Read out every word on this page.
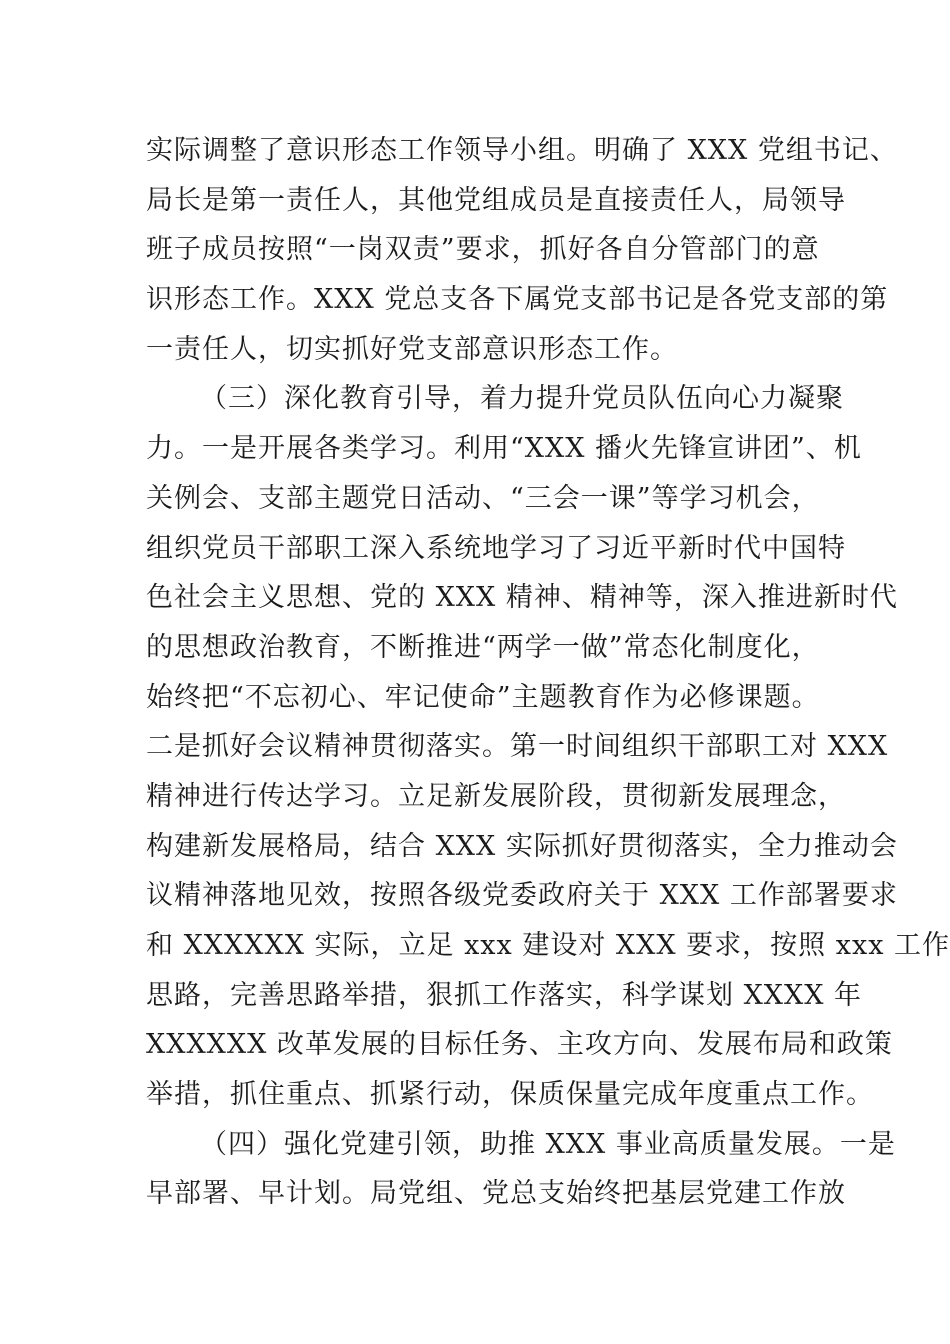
实际调整了意识形态工作领导小组。明确了 XXX 党组书记、
局长是第一责任人，其他党组成员是直接责任人，局领导
班子成员按照“一岗双责”要求，抓好各自分管部门的意
识形态工作。XXX 党总支各下属党支部书记是各党支部的第
一责任人，切实抓好党支部意识形态工作。
（三）深化教育引导，着力提升党员队伍向心力凝聚
力。一是开展各类学习。利用“XXX 播火先锋宣讲团”、机
关例会、支部主题党日活动、“三会一课”等学习机会，
组织党员干部职工深入系统地学习了习近平新时代中国特
色社会主义思想、党的 XXX 精神、精神等，深入推进新时代
的思想政治教育，不断推进“两学一做”常态化制度化，
始终把“不忘初心、牢记使命”主题教育作为必修课题。
二是抓好会议精神贯彻落实。第一时间组织干部职工对 XXX
精神进行传达学习。立足新发展阶段，贯彻新发展理念，
构建新发展格局，结合 XXX 实际抓好贯彻落实，全力推动会
议精神落地见效，按照各级党委政府关于 XXX 工作部署要求
和 XXXXXX 实际，立足 xxx 建设对 XXX 要求，按照 xxx 工作
思路，完善思路举措，狠抓工作落实，科学谋划 XXXX 年
XXXXXX 改革发展的目标任务、主攻方向、发展布局和政策
举措，抓住重点、抓紧行动，保质保量完成年度重点工作。
（四）强化党建引领，助推 XXX 事业高质量发展。一是
早部署、早计划。局党组、党总支始终把基层党建工作放
